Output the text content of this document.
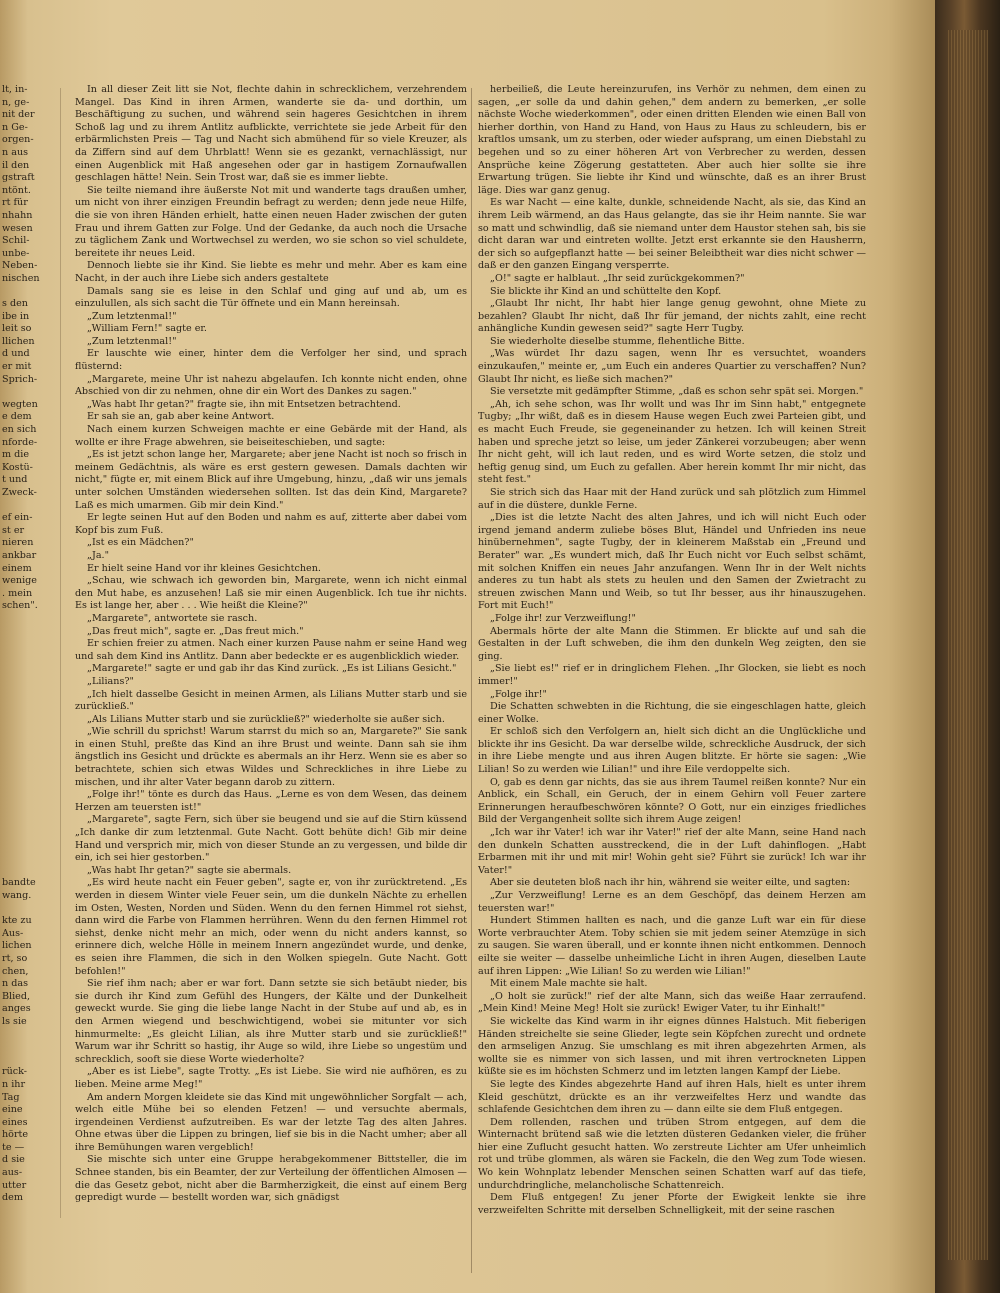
lt, in-

n, ge-

nit der

n Ge-

orgen-

n aus

il den

gstraft

ntönt.

rt für

nhahn

wesen

Schil-

unbe-

Neben-

nischen

s den

ibe in

leit so

llichen

d und

er mit

Sprich-

wegten

e dem

en sich

nforde-

m die

Kostü-

t und

Zweck-

ef ein-

st er

nieren

ankbar

einem

wenige

. mein

schen".

bandte

wang.

kte zu

Aus-

lichen

rt, so

chen,

n das

Blied,

anges

ls sie

rück-

n ihr

Tag

eine

eines

hörte

te —

d sie

aus-

utter

dem

In all dieser Zeit litt sie Not, flechte dahin in schrecklichem, verzehrendem Mangel. Das Kind in ihren Armen, wanderte sie da- und dorthin, um Beschäftigung zu suchen, und während sein hageres Gesichtchen in ihrem Schoß lag und zu ihrem Antlitz aufblickte, verrichtete sie jede Arbeit für den erbärmlichsten Preis — Tag und Nacht sich abmühend für so viele Kreuzer, als da Ziffern sind auf dem Uhrblatt! Wenn sie es gezankt, vernachlässigt, nur einen Augenblick mit Haß angesehen oder gar in hastigem Zornaufwallen geschlagen hätte! Nein. Sein Trost war, daß sie es immer liebte.

Sie teilte niemand ihre äußerste Not mit und wanderte tags draußen umher, um nicht von ihrer einzigen Freundin befragt zu werden; denn jede neue Hilfe, die sie von ihren Händen erhielt, hatte einen neuen Hader zwischen der guten Frau und ihrem Gatten zur Folge. Und der Gedanke, da auch noch die Ursache zu täglichem Zank und Wortwechsel zu werden, wo sie schon so viel schuldete, bereitete ihr neues Leid.

Dennoch liebte sie ihr Kind. Sie liebte es mehr und mehr. Aber es kam eine Nacht, in der auch ihre Liebe sich anders gestaltete

Damals sang sie es leise in den Schlaf und ging auf und ab, um es einzulullen, als sich sacht die Tür öffnete und ein Mann hereinsah.

„Zum letztenmal!"

„William Fern!" sagte er.

„Zum letztenmal!"

Er lauschte wie einer, hinter dem die Verfolger her sind, und sprach flüsternd:

„Margarete, meine Uhr ist nahezu abgelaufen. Ich konnte nicht enden, ohne Abschied von dir zu nehmen, ohne dir ein Wort des Dankes zu sagen."

„Was habt Ihr getan?" fragte sie, ihn mit Entsetzen betrachtend.

Er sah sie an, gab aber keine Antwort.

Nach einem kurzen Schweigen machte er eine Gebärde mit der Hand, als wollte er ihre Frage abwehren, sie beiseiteschieben, und sagte:

„Es ist jetzt schon lange her, Margarete; aber jene Nacht ist noch so frisch in meinem Gedächtnis, als wäre es erst gestern gewesen. Damals dachten wir nicht," fügte er, mit einem Blick auf ihre Umgebung, hinzu, „daß wir uns jemals unter solchen Umständen wiedersehen sollten. Ist das dein Kind, Margarete? Laß es mich umarmen. Gib mir dein Kind."

Er legte seinen Hut auf den Boden und nahm es auf, zitterte aber dabei vom Kopf bis zum Fuß.

„Ist es ein Mädchen?"

„Ja."

Er hielt seine Hand vor ihr kleines Gesichtchen.

„Schau, wie schwach ich geworden bin, Margarete, wenn ich nicht einmal den Mut habe, es anzusehen! Laß sie mir einen Augenblick. Ich tue ihr nichts. Es ist lange her, aber . . . Wie heißt die Kleine?"

„Margarete", antwortete sie rasch.

„Das freut mich", sagte er. „Das freut mich."

Er schien freier zu atmen. Nach einer kurzen Pause nahm er seine Hand weg und sah dem Kind ins Antlitz. Dann aber bedeckte er es augenblicklich wieder.

„Margarete!" sagte er und gab ihr das Kind zurück. „Es ist Lilians Gesicht."

„Lilians?"

„Ich hielt dasselbe Gesicht in meinen Armen, als Lilians Mutter starb und sie zurückließ."

„Als Lilians Mutter starb und sie zurückließ?" wiederholte sie außer sich.

„Wie schrill du sprichst! Warum starrst du mich so an, Margarete?" Sie sank in einen Stuhl, preßte das Kind an ihre Brust und weinte. Dann sah sie ihm ängstlich ins Gesicht und drückte es abermals an ihr Herz. Wenn sie es aber so betrachtete, schien sich etwas Wildes und Schreckliches in ihre Liebe zu mischen, und ihr alter Vater begann darob zu zittern.

„Folge ihr!" tönte es durch das Haus. „Lerne es von dem Wesen, das deinem Herzen am teuersten ist!"

„Margarete", sagte Fern, sich über sie beugend und sie auf die Stirn küssend „Ich danke dir zum letztenmal. Gute Nacht. Gott behüte dich! Gib mir deine Hand und versprich mir, mich von dieser Stunde an zu vergessen, und bilde dir ein, ich sei hier gestorben."

„Was habt Ihr getan?" sagte sie abermals.

„Es wird heute nacht ein Feuer geben", sagte er, von ihr zurücktretend. „Es werden in diesem Winter viele Feuer sein, um die dunkeln Nächte zu erhellen im Osten, Westen, Norden und Süden. Wenn du den fernen Himmel rot siehst, dann wird die Farbe von Flammen herrühren. Wenn du den fernen Himmel rot siehst, denke nicht mehr an mich, oder wenn du nicht anders kannst, so erinnere dich, welche Hölle in meinem Innern angezündet wurde, und denke, es seien ihre Flammen, die sich in den Wolken spiegeln. Gute Nacht. Gott befohlen!"

Sie rief ihm nach; aber er war fort. Dann setzte sie sich betäubt nieder, bis sie durch ihr Kind zum Gefühl des Hungers, der Kälte und der Dunkelheit geweckt wurde. Sie ging die liebe lange Nacht in der Stube auf und ab, es in den Armen wiegend und beschwichtigend, wobei sie mitunter vor sich hinmurmelte: „Es gleicht Lilian, als ihre Mutter starb und sie zurückließ!" Warum war ihr Schritt so hastig, ihr Auge so wild, ihre Liebe so ungestüm und schrecklich, sooft sie diese Worte wiederholte?

„Aber es ist Liebe", sagte Trotty. „Es ist Liebe. Sie wird nie aufhören, es zu lieben. Meine arme Meg!"

Am andern Morgen kleidete sie das Kind mit ungewöhnlicher Sorgfalt — ach, welch eitle Mühe bei so elenden Fetzen! — und versuchte abermals, irgendeinen Verdienst aufzutreiben. Es war der letzte Tag des alten Jahres. Ohne etwas über die Lippen zu bringen, lief sie bis in die Nacht umher; aber all ihre Bemühungen waren vergeblich!

Sie mischte sich unter eine Gruppe herabgekommener Bittsteller, die im Schnee standen, bis ein Beamter, der zur Verteilung der öffentlichen Almosen — die das Gesetz gebot, nicht aber die Barmherzigkeit, die einst auf einem Berg gepredigt wurde — bestellt worden war, sich gnädigst

herbeiließ, die Leute hereinzurufen, ins Verhör zu nehmen, dem einen zu sagen, „er solle da und dahin gehen," dem andern zu bemerken, „er solle nächste Woche wiederkommen", oder einen dritten Elenden wie einen Ball von hierher dorthin, von Hand zu Hand, von Haus zu Haus zu schleudern, bis er kraftlos umsank, um zu sterben, oder wieder aufsprang, um einen Diebstahl zu begehen und so zu einer höheren Art von Verbrecher zu werden, dessen Ansprüche keine Zögerung gestatteten. Aber auch hier sollte sie ihre Erwartung trügen. Sie liebte ihr Kind und wünschte, daß es an ihrer Brust läge. Dies war ganz genug.

Es war Nacht — eine kalte, dunkle, schneidende Nacht, als sie, das Kind an ihrem Leib wärmend, an das Haus gelangte, das sie ihr Heim nannte. Sie war so matt und schwindlig, daß sie niemand unter dem Haustor stehen sah, bis sie dicht daran war und eintreten wollte. Jetzt erst erkannte sie den Hausherrn, der sich so aufgepflanzt hatte — bei seiner Beleibtheit war dies nicht schwer — daß er den ganzen Eingang versperrte.

„O!" sagte er halblaut. „Ihr seid zurückgekommen?"

Sie blickte ihr Kind an und schüttelte den Kopf.

„Glaubt Ihr nicht, Ihr habt hier lange genug gewohnt, ohne Miete zu bezahlen? Glaubt Ihr nicht, daß Ihr für jemand, der nichts zahlt, eine recht anhängliche Kundin gewesen seid?" sagte Herr Tugby.

Sie wiederholte dieselbe stumme, flehentliche Bitte.

„Was würdet Ihr dazu sagen, wenn Ihr es versuchtet, woanders einzukaufen," meinte er, „um Euch ein anderes Quartier zu verschaffen? Nun? Glaubt Ihr nicht, es ließe sich machen?"

Sie versetzte mit gedämpfter Stimme, „daß es schon sehr spät sei. Morgen."

„Ah, ich sehe schon, was Ihr wollt und was Ihr im Sinn habt," entgegnete Tugby; „Ihr wißt, daß es in diesem Hause wegen Euch zwei Parteien gibt, und es macht Euch Freude, sie gegeneinander zu hetzen. Ich will keinen Streit haben und spreche jetzt so leise, um jeder Zänkerei vorzubeugen; aber wenn Ihr nicht geht, will ich laut reden, und es wird Worte setzen, die stolz und heftig genug sind, um Euch zu gefallen. Aber herein kommt Ihr mir nicht, das steht fest."

Sie strich sich das Haar mit der Hand zurück und sah plötzlich zum Himmel auf in die düstere, dunkle Ferne.

„Dies ist die letzte Nacht des alten Jahres, und ich will nicht Euch oder irgend jemand anderm zuliebe böses Blut, Händel und Unfrieden ins neue hinübernehmen", sagte Tugby, der in kleinerem Maßstab ein „Freund und Berater" war. „Es wundert mich, daß Ihr Euch nicht vor Euch selbst schämt, mit solchen Kniffen ein neues Jahr anzufangen. Wenn Ihr in der Welt nichts anderes zu tun habt als stets zu heulen und den Samen der Zwietracht zu streuen zwischen Mann und Weib, so tut Ihr besser, aus ihr hinauszugehen. Fort mit Euch!"

„Folge ihr! zur Verzweiflung!"

Abermals hörte der alte Mann die Stimmen. Er blickte auf und sah die Gestalten in der Luft schweben, die ihm den dunkeln Weg zeigten, den sie ging.

„Sie liebt es!" rief er in dringlichem Flehen. „Ihr Glocken, sie liebt es noch immer!"

„Folge ihr!"

Die Schatten schwebten in die Richtung, die sie eingeschlagen hatte, gleich einer Wolke.

Er schloß sich den Verfolgern an, hielt sich dicht an die Unglückliche und blickte ihr ins Gesicht. Da war derselbe wilde, schreckliche Ausdruck, der sich in ihre Liebe mengte und aus ihren Augen blitzte. Er hörte sie sagen: „Wie Lilian! So zu werden wie Lilian!" und ihre Eile verdoppelte sich.

O, gab es denn gar nichts, das sie aus ihrem Taumel reißen konnte? Nur ein Anblick, ein Schall, ein Geruch, der in einem Gehirn voll Feuer zartere Erinnerungen heraufbeschwören könnte? O Gott, nur ein einziges friedliches Bild der Vergangenheit sollte sich ihrem Auge zeigen!

„Ich war ihr Vater! ich war ihr Vater!" rief der alte Mann, seine Hand nach den dunkeln Schatten ausstreckend, die in der Luft dahinflogen. „Habt Erbarmen mit ihr und mit mir! Wohin geht sie? Führt sie zurück! Ich war ihr Vater!"

Aber sie deuteten bloß nach ihr hin, während sie weiter eilte, und sagten:

„Zur Verzweiflung! Lerne es an dem Geschöpf, das deinem Herzen am teuersten war!"

Hundert Stimmen hallten es nach, und die ganze Luft war ein für diese Worte verbrauchter Atem. Toby schien sie mit jedem seiner Atemzüge in sich zu saugen. Sie waren überall, und er konnte ihnen nicht entkommen. Dennoch eilte sie weiter — dasselbe unheimliche Licht in ihren Augen, dieselben Laute auf ihren Lippen: „Wie Lilian! So zu werden wie Lilian!"

Mit einem Male machte sie halt.

„O holt sie zurück!" rief der alte Mann, sich das weiße Haar zerraufend. „Mein Kind! Meine Meg! Holt sie zurück! Ewiger Vater, tu ihr Einhalt!"

Sie wickelte das Kind warm in ihr eignes dünnes Halstuch. Mit fieberigen Händen streichelte sie seine Glieder, legte sein Köpfchen zurecht und ordnete den armseligen Anzug. Sie umschlang es mit ihren abgezehrten Armen, als wollte sie es nimmer von sich lassen, und mit ihren vertrockneten Lippen küßte sie es im höchsten Schmerz und im letzten langen Kampf der Liebe.

Sie legte des Kindes abgezehrte Hand auf ihren Hals, hielt es unter ihrem Kleid geschützt, drückte es an ihr verzweifeltes Herz und wandte das schlafende Gesichtchen dem ihren zu — dann eilte sie dem Fluß entgegen.

Dem rollenden, raschen und trüben Strom entgegen, auf dem die Winternacht brütend saß wie die letzten düsteren Gedanken vieler, die früher hier eine Zuflucht gesucht hatten. Wo zerstreute Lichter am Ufer unheimlich rot und trübe glommen, als wären sie Fackeln, die den Weg zum Tode wiesen. Wo kein Wohnplatz lebender Menschen seinen Schatten warf auf das tiefe, undurchdringliche, melancholische Schattenreich.

Dem Fluß entgegen! Zu jener Pforte der Ewigkeit lenkte sie ihre verzweifelten Schritte mit derselben Schnelligkeit, mit der seine raschen
